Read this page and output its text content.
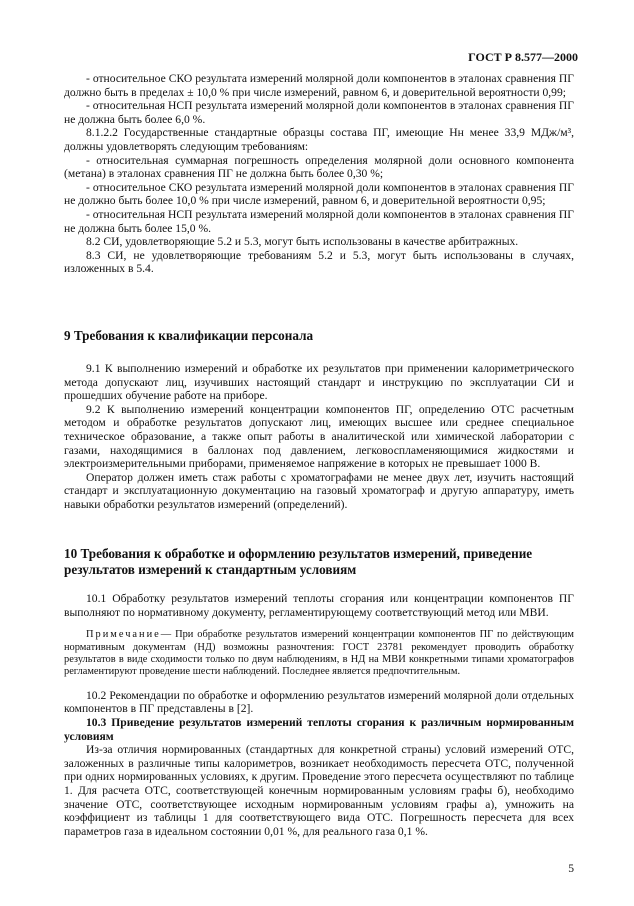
ГОСТ Р 8.577—2000

- относительное СКО результата измерений молярной доли компонентов в эталонах сравнения ПГ должно быть в пределах ± 10,0 % при числе измерений, равном 6, и доверительной вероятности 0,99;

- относительная НСП результата измерений молярной доли компонентов в эталонах сравнения ПГ не должна быть более 6,0 %.

8.1.2.2 Государственные стандартные образцы состава ПГ, имеющие Hн менее 33,9 МДж/м³, должны удовлетворять следующим требованиям:

- относительная суммарная погрешность определения молярной доли основного компонента (метана) в эталонах сравнения ПГ не должна быть более 0,30 %;

- относительное СКО результата измерений молярной доли компонентов в эталонах сравнения ПГ не должно быть более 10,0 % при числе измерений, равном 6, и доверительной вероятности 0,95;

- относительная НСП результата измерений молярной доли компонентов в эталонах сравнения ПГ не должна быть более 15,0 %.

8.2 СИ, удовлетворяющие 5.2 и 5.3, могут быть использованы в качестве арбитражных.

8.3 СИ, не удовлетворяющие требованиям 5.2 и 5.3, могут быть использованы в случаях, изложенных в 5.4.

9 Требования к квалификации персонала

9.1 К выполнению измерений и обработке их результатов при применении калориметрического метода допускают лиц, изучивших настоящий стандарт и инструкцию по эксплуатации СИ и прошедших обучение работе на приборе.

9.2 К выполнению измерений концентрации компонентов ПГ, определению ОТС расчетным методом и обработке результатов допускают лиц, имеющих высшее или среднее специальное техническое образование, а также опыт работы в аналитической или химической лаборатории с газами, находящимися в баллонах под давлением, легковоспламеняющимися жидкостями и электроизмерительными приборами, применяемое напряжение в которых не превышает 1000 В.

Оператор должен иметь стаж работы с хроматографами не менее двух лет, изучить настоящий стандарт и эксплуатационную документацию на газовый хроматограф и другую аппаратуру, иметь навыки обработки результатов измерений (определений).

10 Требования к обработке и оформлению результатов измерений, приведение результатов измерений к стандартным условиям

10.1 Обработку результатов измерений теплоты сгорания или концентрации компонентов ПГ выполняют по нормативному документу, регламентирующему соответствующий метод или МВИ.

Примечание— При обработке результатов измерений концентрации компонентов ПГ по действующим нормативным документам (НД) возможны разночтения: ГОСТ 23781 рекомендует проводить обработку результатов в виде сходимости только по двум наблюдениям, в НД на МВИ конкретными типами хроматографов регламентируют проведение шести наблюдений. Последнее является предпочтительным.

10.2 Рекомендации по обработке и оформлению результатов измерений молярной доли отдельных компонентов в ПГ представлены в [2].

10.3 Приведение результатов измерений теплоты сгорания к различным нормированным условиям

Из-за отличия нормированных (стандартных для конкретной страны) условий измерений ОТС, заложенных в различные типы калориметров, возникает необходимость пересчета ОТС, полученной при одних нормированных условиях, к другим. Проведение этого пересчета осуществляют по таблице 1. Для расчета ОТС, соответствующей конечным нормированным условиям графы б), необходимо значение ОТС, соответствующее исходным нормированным условиям графы а), умножить на коэффициент из таблицы 1 для соответствующего вида ОТС. Погрешность пересчета для всех параметров газа в идеальном состоянии 0,01 %, для реального газа 0,1 %.

5
